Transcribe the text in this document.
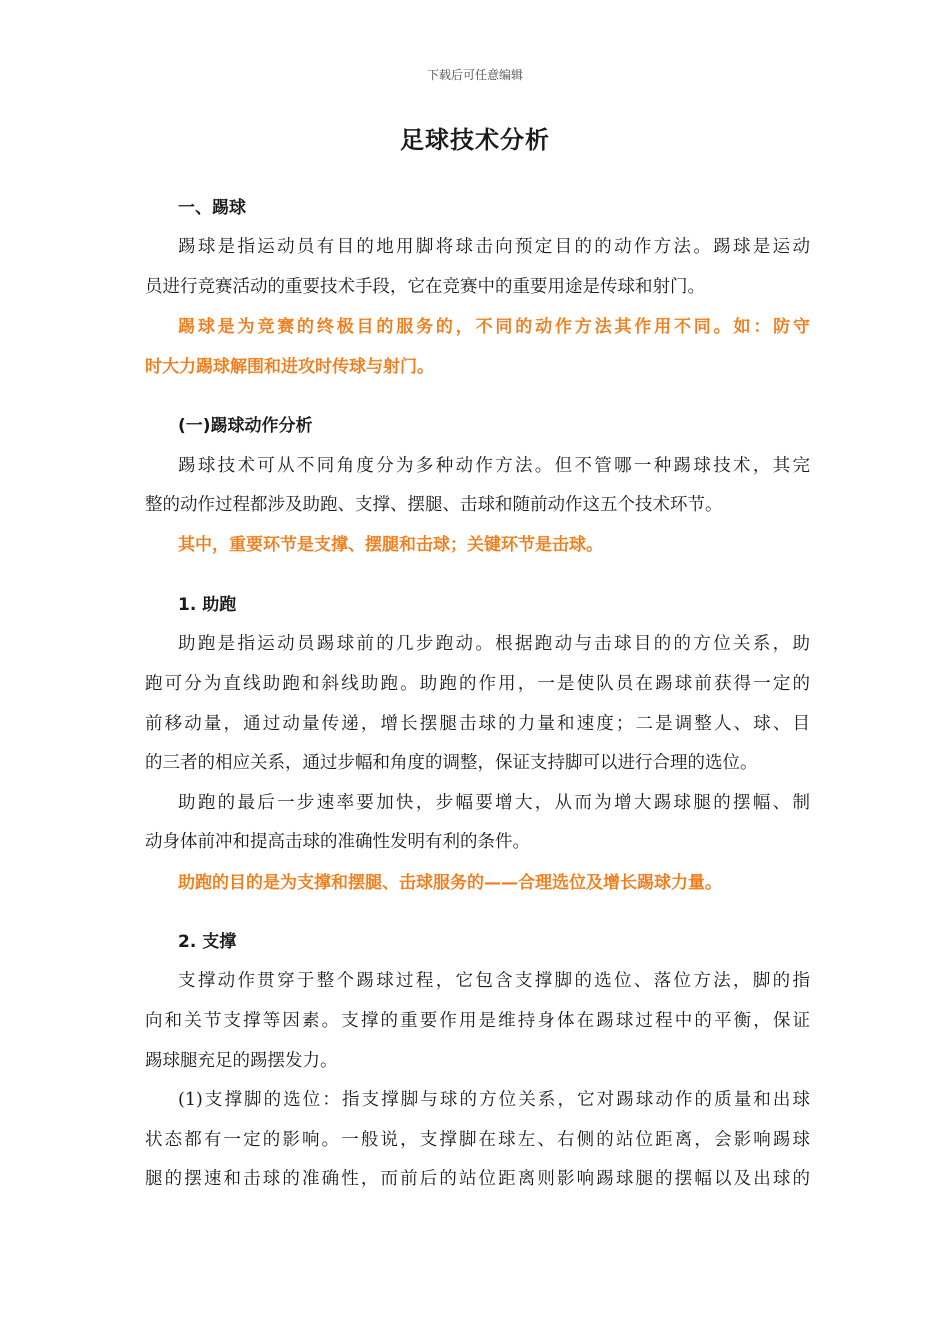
下载后可任意编辑
足球技术分析
一、踢球
踢球是指运动员有目的地用脚将球击向预定目的的动作方法。踢球是运动
员进行竞赛活动的重要技术手段，它在竞赛中的重要用途是传球和射门。
踢球是为竞赛的终极目的服务的，不同的动作方法其作用不同。如：防守
时大力踢球解围和进攻时传球与射门。
(一)踢球动作分析
踢球技术可从不同角度分为多种动作方法。但不管哪一种踢球技术，其完
整的动作过程都涉及助跑、支撑、摆腿、击球和随前动作这五个技术环节。
其中，重要环节是支撑、摆腿和击球；关键环节是击球。
1. 助跑
助跑是指运动员踢球前的几步跑动。根据跑动与击球目的的方位关系，助
跑可分为直线助跑和斜线助跑。助跑的作用，一是使队员在踢球前获得一定的
前移动量，通过动量传递，增长摆腿击球的力量和速度；二是调整人、球、目
的三者的相应关系，通过步幅和角度的调整，保证支持脚可以进行合理的选位。
助跑的最后一步速率要加快，步幅要增大，从而为增大踢球腿的摆幅、制
动身体前冲和提高击球的准确性发明有利的条件。
助跑的目的是为支撑和摆腿、击球服务的——合理选位及增长踢球力量。
2. 支撑
支撑动作贯穿于整个踢球过程，它包含支撑脚的选位、落位方法，脚的指
向和关节支撑等因素。支撑的重要作用是维持身体在踢球过程中的平衡，保证
踢球腿充足的踢摆发力。
(1)支撑脚的选位：指支撑脚与球的方位关系，它对踢球动作的质量和出球
状态都有一定的影响。一般说，支撑脚在球左、右侧的站位距离，会影响踢球
腿的摆速和击球的准确性，而前后的站位距离则影响踢球腿的摆幅以及出球的
